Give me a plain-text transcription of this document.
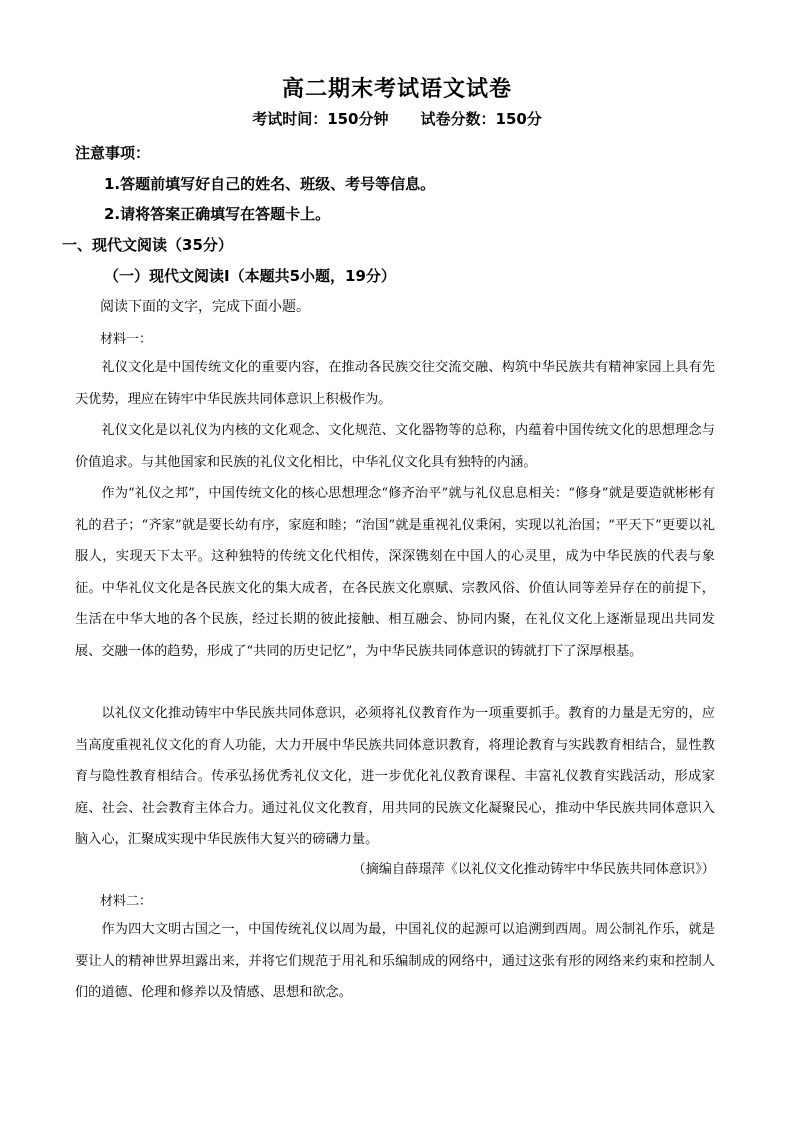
高二期末考试语文试卷
考试时间：150分钟 试卷分数：150分
注意事项：
1.答题前填写好自己的姓名、班级、考号等信息。
2.请将答案正确填写在答题卡上。
一、现代文阅读（35分）
（一）现代文阅读Ⅰ（本题共5小题，19分）
阅读下面的文字，完成下面小题。
材料一：

礼仪文化是中国传统文化的重要内容，在推动各民族交往交流交融、构筑中华民族共有精神家园上具有先天优势，理应在铸牢中华民族共同体意识上积极作为。

礼仪文化是以礼仪为内核的文化观念、文化规范、文化器物等的总称，内蕴着中国传统文化的思想理念与价值追求。与其他国家和民族的礼仪文化相比，中华礼仪文化具有独特的内涵。

作为“礼仪之邦”，中国传统文化的核心思想理念“修齐治平”就与礼仪息息相关：“修身”就是要造就彬彬有礼的君子；“齐家”就是要长幼有序，家庭和睦；“治国”就是重视礼仪秉闲，实现以礼治国；“平天下”更要以礼服人，实现天下太平。这种独特的传统文化代相传，深深镌刻在中国人的心灵里，成为中华民族的代表与象征。中华礼仪文化是各民族文化的集大成者，在各民族文化禀赋、宗教风俗、价值认同等差异存在的前提下，生活在中华大地的各个民族，经过长期的彼此接触、相互融会、协同内聚，在礼仪文化上逐渐显现出共同发展、交融一体的趋势，形成了“共同的历史记忆”，为中华民族共同体意识的铸就打下了深厚根基。

以礼仪文化推动铸牢中华民族共同体意识，必须将礼仪教育作为一项重要抓手。教育的力量是无穷的，应当高度重视礼仪文化的育人功能，大力开展中华民族共同体意识教育，将理论教育与实践教育相结合，显性教育与隐性教育相结合。传承弘扬优秀礼仪文化，进一步优化礼仪教育课程、丰富礼仪教育实践活动，形成家庭、社会、社会教育主体合力。通过礼仪文化教育，用共同的民族文化凝聚民心，推动中华民族共同体意识入脑入心，汇聚成实现中华民族伟大复兴的磅礴力量。

（摘编自薛璟萍《以礼仪文化推动铸牢中华民族共同体意识》）
材料二：

作为四大文明古国之一，中国传统礼仪以周为最，中国礼仪的起源可以追溯到西周。周公制礼作乐，就是要让人的精神世界坦露出来，并将它们规范于用礼和乐编制成的网络中，通过这张有形的网络来约束和控制人们的道德、伦理和修养以及情感、思想和欲念。
